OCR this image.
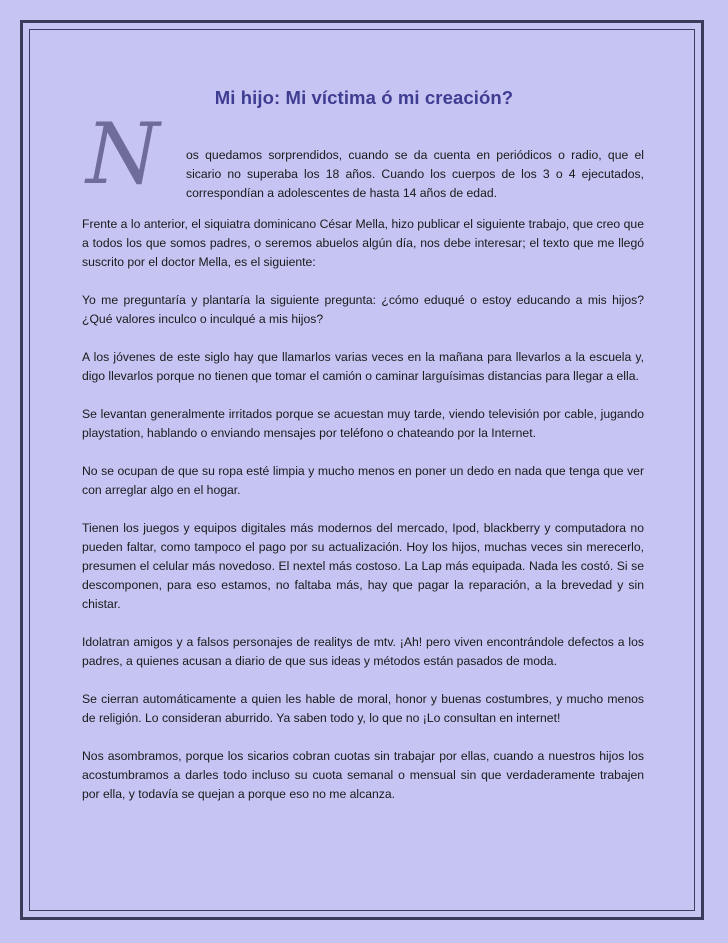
Mi hijo: Mi víctima ó mi creación?
N os quedamos sorprendidos, cuando se da cuenta en periódicos o radio, que el sicario no superaba los 18 años. Cuando los cuerpos de los 3 o 4 ejecutados, correspondían a adolescentes de hasta 14 años de edad.

Frente a lo anterior, el siquiatra dominicano César Mella, hizo publicar el siguiente trabajo, que creo que a todos los que somos padres, o seremos abuelos algún día, nos debe interesar; el texto que me llegó suscrito por el doctor Mella, es el siguiente:

Yo me preguntaría y plantaría la siguiente pregunta: ¿cómo eduqué o estoy educando a mis hijos? ¿Qué valores inculco o inculqué a mis hijos?

A los jóvenes de este siglo hay que llamarlos varias veces en la mañana para llevarlos a la escuela y, digo llevarlos porque no tienen que tomar el camión o caminar larguísimas distancias para llegar a ella.

Se levantan generalmente irritados porque se acuestan muy tarde, viendo televisión por cable, jugando playstation, hablando o enviando mensajes por teléfono o chateando por la Internet.

No se ocupan de que su ropa esté limpia y mucho menos en poner un dedo en nada que tenga que ver con arreglar algo en el hogar.

Tienen los juegos y equipos digitales más modernos del mercado, Ipod, blackberry y computadora no pueden faltar, como tampoco el pago por su actualización. Hoy los hijos, muchas veces sin merecerlo, presumen el celular más novedoso. El nextel más costoso. La Lap más equipada. Nada les costó. Si se descomponen, para eso estamos, no faltaba más, hay que pagar la reparación, a la brevedad y sin chistar.

Idolatran amigos y a falsos personajes de realitys de mtv. ¡Ah! pero viven encontrándole defectos a los padres, a quienes acusan a diario de que sus ideas y métodos están pasados de moda.

Se cierran automáticamente a quien les hable de moral, honor y buenas costumbres, y mucho menos de religión. Lo consideran aburrido. Ya saben todo y, lo que no ¡Lo consultan en internet!

Nos asombramos, porque los sicarios cobran cuotas sin trabajar por ellas, cuando a nuestros hijos los acostumbramos a darles todo incluso su cuota semanal o mensual sin que verdaderamente trabajen por ella, y todavía se quejan a porque eso no me alcanza.
